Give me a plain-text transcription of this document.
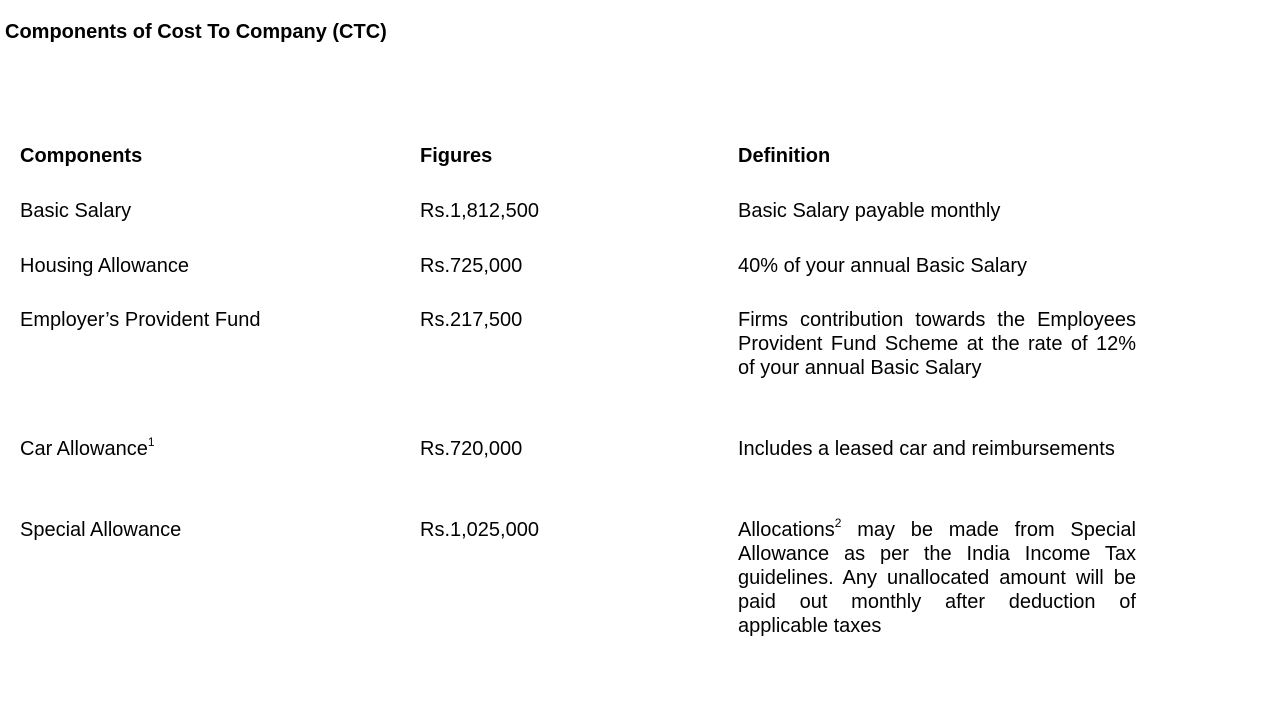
Components of Cost To Company (CTC)
Components	Figures	Definition
Basic Salary	Rs.1,812,500	Basic Salary payable monthly
Housing Allowance	Rs.725,000	40% of your annual Basic Salary
Employer’s Provident Fund	Rs.217,500	Firms contribution towards the Employees Provident Fund Scheme at the rate of 12% of your annual Basic Salary
Car Allowance$^1$	Rs.720,000	Includes a leased car and reimbursements
Special Allowance	Rs.1,025,000	Allocations$^2$ may be made from Special Allowance as per the India Income Tax guidelines. Any unallocated amount will be paid out monthly after deduction of applicable taxes
